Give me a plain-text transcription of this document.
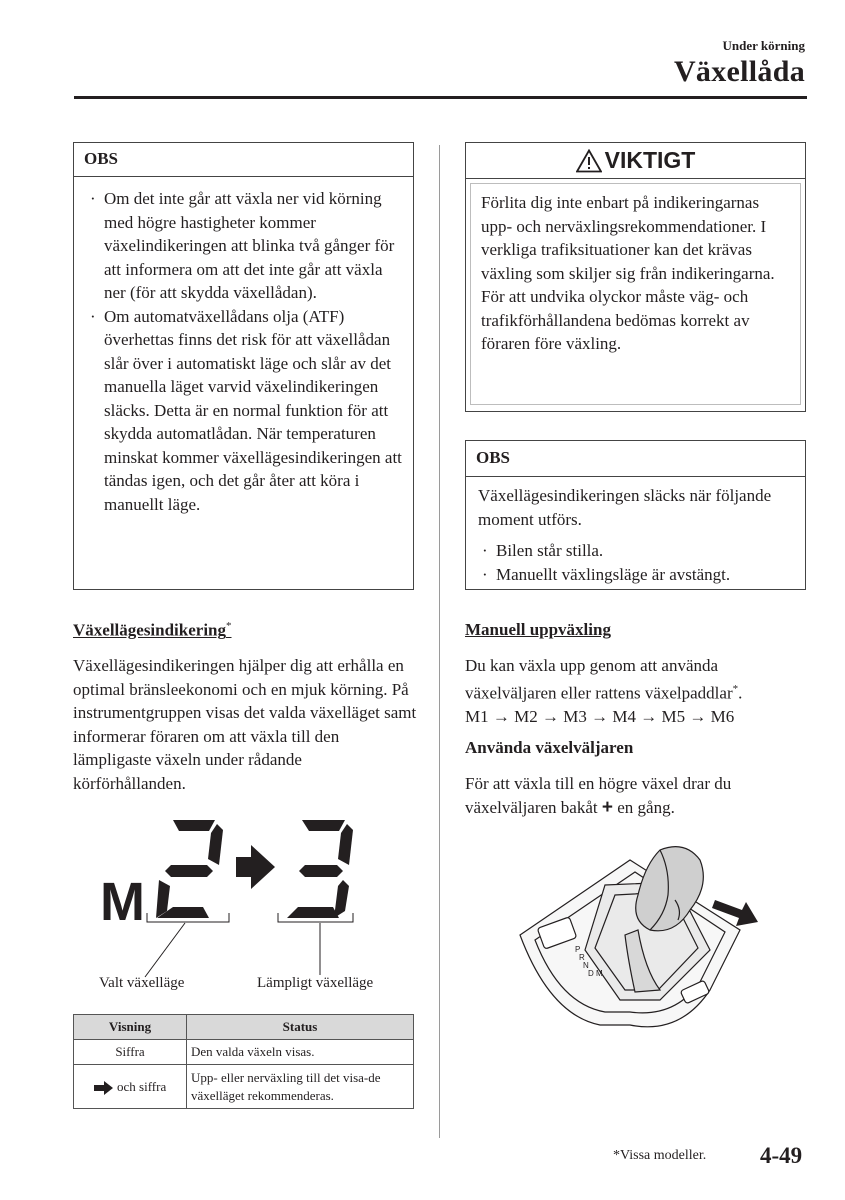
Under körning
Växellåda
OBS
· Om det inte går att växla ner vid körning med högre hastigheter kommer växelindikeringen att blinka två gånger för att informera om att det inte går att växla ner (för att skydda växellådan).
· Om automatväxellådans olja (ATF) överhettas finns det risk för att växellådan slår över i automatiskt läge och slår av det manuella läget varvid växelindikeringen släcks. Detta är en normal funktion för att skydda automatlådan. När temperaturen minskat kommer växellägesindikeringen att tändas igen, och det går åter att köra i manuellt läge.
VIKTIGT
Förlita dig inte enbart på indikeringarnas upp- och nerväxlingsrekommendationer. I verkliga trafiksituationer kan det krävas växling som skiljer sig från indikeringarna. För att undvika olyckor måste väg- och trafikförhållandena bedömas korrekt av föraren före växling.
OBS
Växellägesindikeringen släcks när följande moment utförs.
· Bilen står stilla.
· Manuellt växlingsläge är avstängt.
Växellägesindikering*
Växellägesindikeringen hjälper dig att erhålla en optimal bränsleekonomi och en mjuk körning. På instrumentgruppen visas det valda växelläget samt informerar föraren om att växla till den lämpligaste växeln under rådande körförhållanden.
M
Valt växelläge	Lämpligt växelläge
Visning	Status
Siffra	Den valda växeln visas.
och siffra	Upp- eller nerväxling till det visa-de växelläget rekommenderas.
Manuell uppväxling
Du kan växla upp genom att använda växelväljaren eller rattens växelpaddlar*.
M1 → M2 → M3 → M4 → M5 → M6
Använda växelväljaren
För att växla till en högre växel drar du växelväljaren bakåt + en gång.
P
R
N
D M
*Vissa modeller. 4-49
